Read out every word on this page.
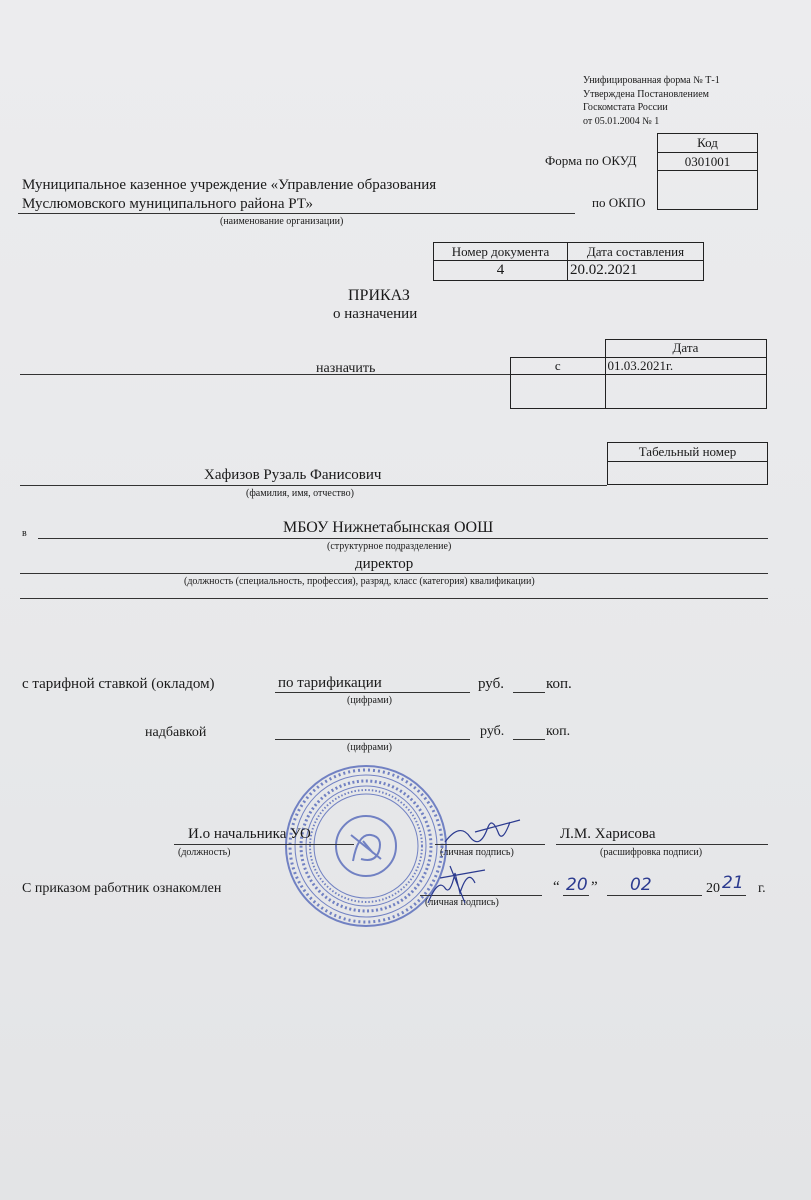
Унифицированная форма № Т-1
Утверждена Постановлением
Госкомстата России
от 05.01.2004 № 1
Код
0301001

Форма по ОКУД
по ОКПО
Муниципальное казенное учреждение «Управление образования
Муслюмовского муниципального района РТ»
(наименование организации)
Номер документа	Дата составления
4	20.02.2021
ПРИКАЗ
о назначении
назначить
	Дата
с	01.03.2021г.

Табельный номер

Хафизов Рузаль Фанисович
(фамилия, имя, отчество)
в	МБОУ Нижнетабынская ООШ
(структурное подразделение)
директор
(должность (специальность, профессия), разряд, класс (категория) квалификации)
с тарифной ставкой (окладом)	по тарификации	руб.	коп.
(цифрами)
надбавкой	руб.	коп.
(цифрами)
И.о начальника УО
(должность)	(личная подпись)
Л.М. Харисова
(расшифровка подписи)
С приказом работник ознакомлен
(личная подпись)
“ 20 ” 02	20 21 г.
